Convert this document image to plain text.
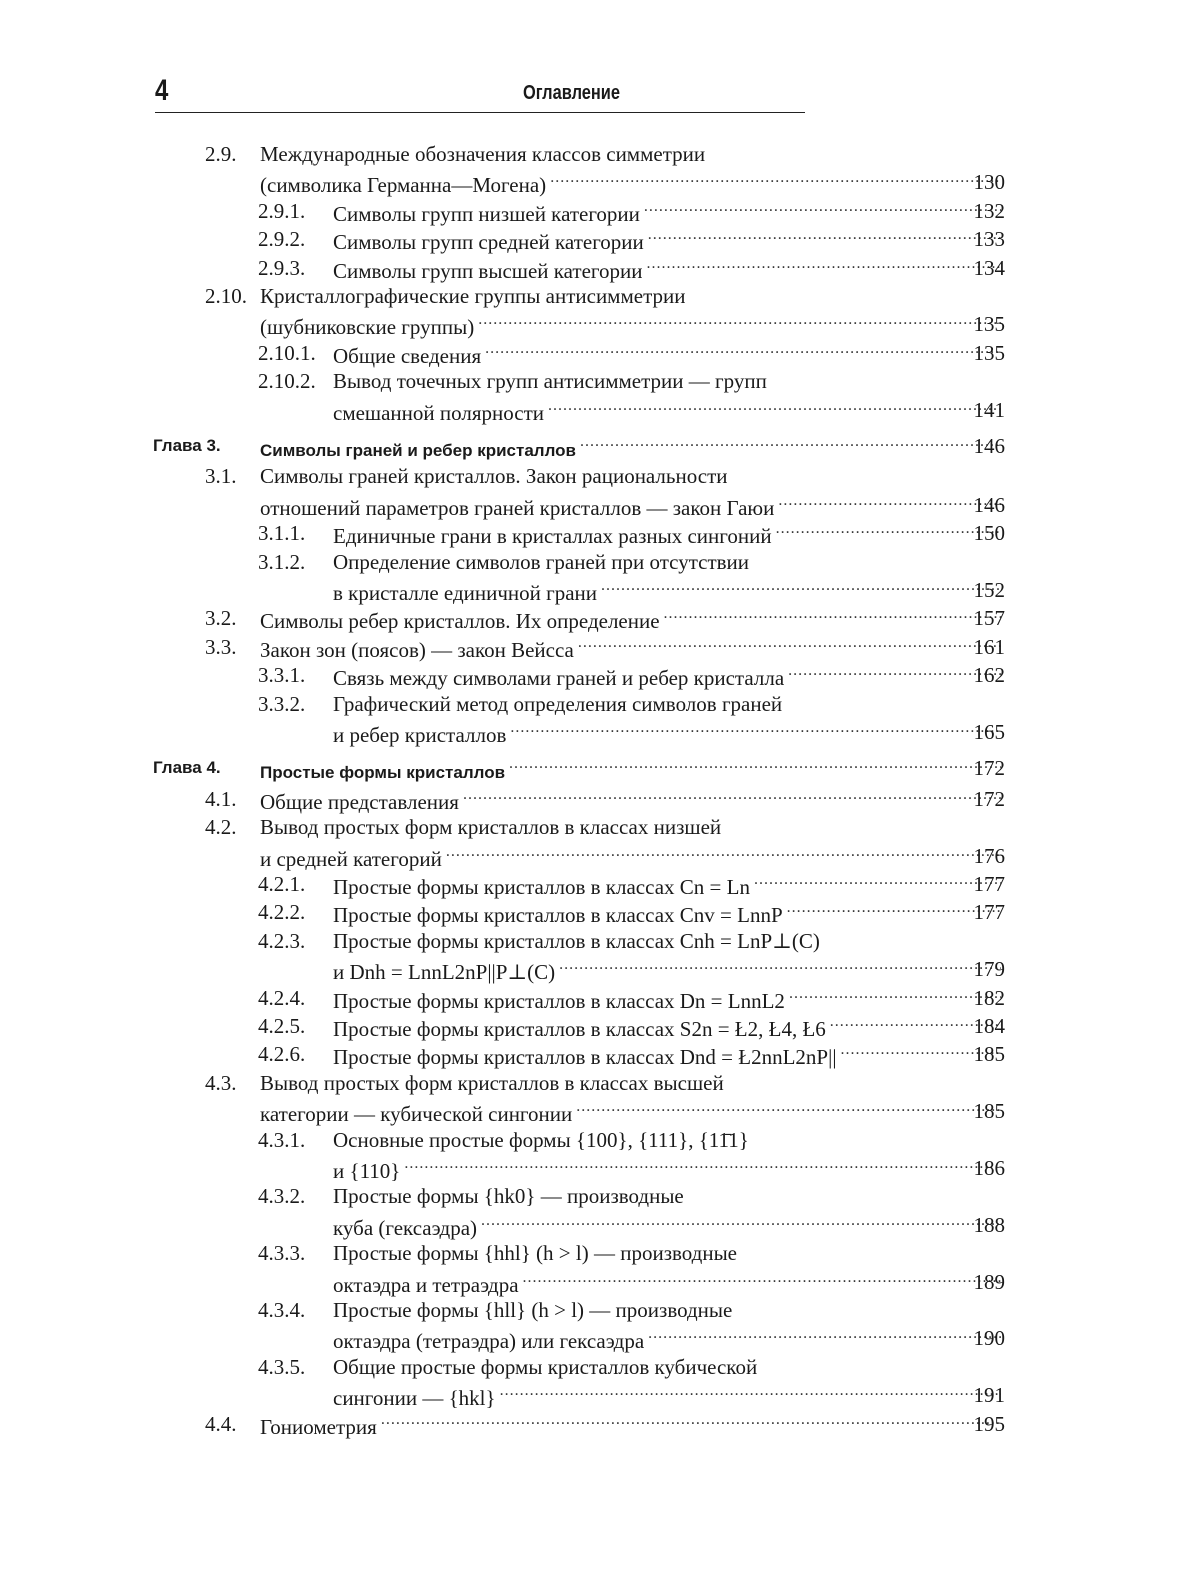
4	Оглавление
2.9. Международные обозначения классов симметрии
(символика Германна—Могена) .....	130
2.9.1. Символы групп низшей категории .....	132
2.9.2. Символы групп средней категории .....	133
2.9.3. Символы групп высшей категории .....	134
2.10. Кристаллографические группы антисимметрии
(шубниковские группы) .....	135
2.10.1. Общие сведения .....	135
2.10.2. Вывод точечных групп антисимметрии — групп
смешанной полярности .....	141
Глава 3. Символы граней и ребер кристаллов .....	146
3.1. Символы граней кристаллов. Закон рациональности
отношений параметров граней кристаллов — закон Гаюи .....	146
3.1.1. Единичные грани в кристаллах разных сингоний .....	150
3.1.2. Определение символов граней при отсутствии
в кристалле единичной грани .....	152
3.2. Символы ребер кристаллов. Их определение .....	157
3.3. Закон зон (поясов) — закон Вейсса .....	161
3.3.1. Связь между символами граней и ребер кристалла .....	162
3.3.2. Графический метод определения символов граней
и ребер кристаллов .....	165
Глава 4. Простые формы кристаллов .....	172
4.1. Общие представления .....	172
4.2. Вывод простых форм кристаллов в классах низшей
и средней категорий .....	176
4.2.1. Простые формы кристаллов в классах Cn = Ln .....	177
4.2.2. Простые формы кристаллов в классах Cnv = LnnP .....	177
4.2.3. Простые формы кристаллов в классах Cnh = LnP⊥(C)
и Dnh = LnnL2nP||P⊥(C) .....	179
4.2.4. Простые формы кристаллов в классах Dn = LnnL2 .....	182
4.2.5. Простые формы кристаллов в классах S2n = Ł2, Ł4, Ł6 .....	184
4.2.6. Простые формы кристаллов в классах Dnd = Ł2nnL2nP|| .....	185
4.3. Вывод простых форм кристаллов в классах высшей
категории — кубической сингонии .....	185
4.3.1. Основные простые формы {100}, {111}, {11̄1}
и {110} .....	186
4.3.2. Простые формы {hk0} — производные
куба (гексаэдра) .....	188
4.3.3. Простые формы {hhl} (h > l) — производные
октаэдра и тетраэдра .....	189
4.3.4. Простые формы {hll} (h > l) — производные
октаэдра (тетраэдра) или гексаэдра .....	190
4.3.5. Общие простые формы кристаллов кубической
сингонии — {hkl} .....	191
4.4. Гониометрия .....	195
